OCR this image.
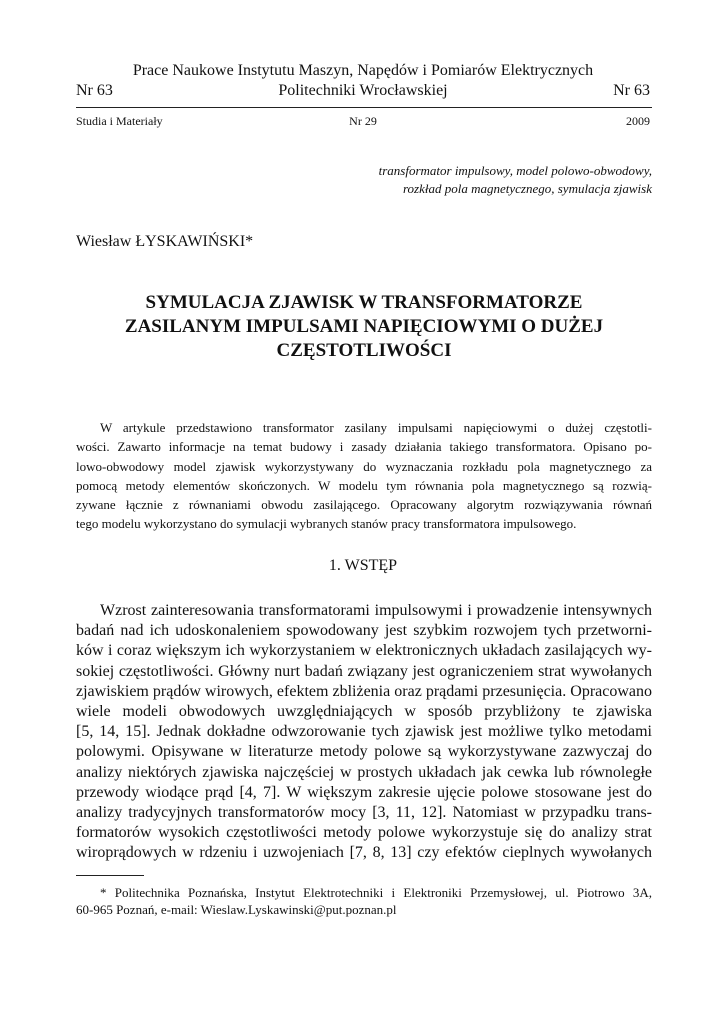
Prace Naukowe Instytutu Maszyn, Napędów i Pomiarów Elektrycznych
Nr 63	Politechniki Wrocławskiej	Nr 63
Studia i Materiały	Nr 29	2009
transformator impulsowy, model polowo-obwodowy,
rozkład pola magnetycznego, symulacja zjawisk
Wiesław ŁYSKAWIŃSKI*
SYMULACJA ZJAWISK W TRANSFORMATORZE
ZASILANYM IMPULSAMI NAPIĘCIOWYMI O DUŻEJ
CZĘSTOTLIWOŚCI
W artykule przedstawiono transformator zasilany impulsami napięciowymi o dużej częstotli-
wości. Zawarto informacje na temat budowy i zasady działania takiego transformatora. Opisano po-
lowo-obwodowy model zjawisk wykorzystywany do wyznaczania rozkładu pola magnetycznego za
pomocą metody elementów skończonych. W modelu tym równania pola magnetycznego są rozwią-
zywane łącznie z równaniami obwodu zasilającego. Opracowany algorytm rozwiązywania równań
tego modelu wykorzystano do symulacji wybranych stanów pracy transformatora impulsowego.
1. WSTĘP
Wzrost zainteresowania transformatorami impulsowymi i prowadzenie intensywnych
badań nad ich udoskonaleniem spowodowany jest szybkim rozwojem tych przetworni-
ków i coraz większym ich wykorzystaniem w elektronicznych układach zasilających wy-
sokiej częstotliwości. Główny nurt badań związany jest ograniczeniem strat wywołanych
zjawiskiem prądów wirowych, efektem zbliżenia oraz prądami przesunięcia. Opracowano
wiele modeli obwodowych uwzględniających w sposób przybliżony te zjawiska
[5, 14, 15]. Jednak dokładne odwzorowanie tych zjawisk jest możliwe tylko metodami
polowymi. Opisywane w literaturze metody polowe są wykorzystywane zazwyczaj do
analizy niektórych zjawiska najczęściej w prostych układach jak cewka lub równoległe
przewody wiodące prąd [4, 7]. W większym zakresie ujęcie polowe stosowane jest do
analizy tradycyjnych transformatorów mocy [3, 11, 12]. Natomiast w przypadku trans-
formatorów wysokich częstotliwości metody polowe wykorzystuje się do analizy strat
wiroprądowych w rdzeniu i uzwojeniach [7, 8, 13] czy efektów cieplnych wywołanych
* Politechnika Poznańska, Instytut Elektrotechniki i Elektroniki Przemysłowej, ul. Piotrowo 3A,
60-965 Poznań, e-mail: Wieslaw.Lyskawinski@put.poznan.pl
